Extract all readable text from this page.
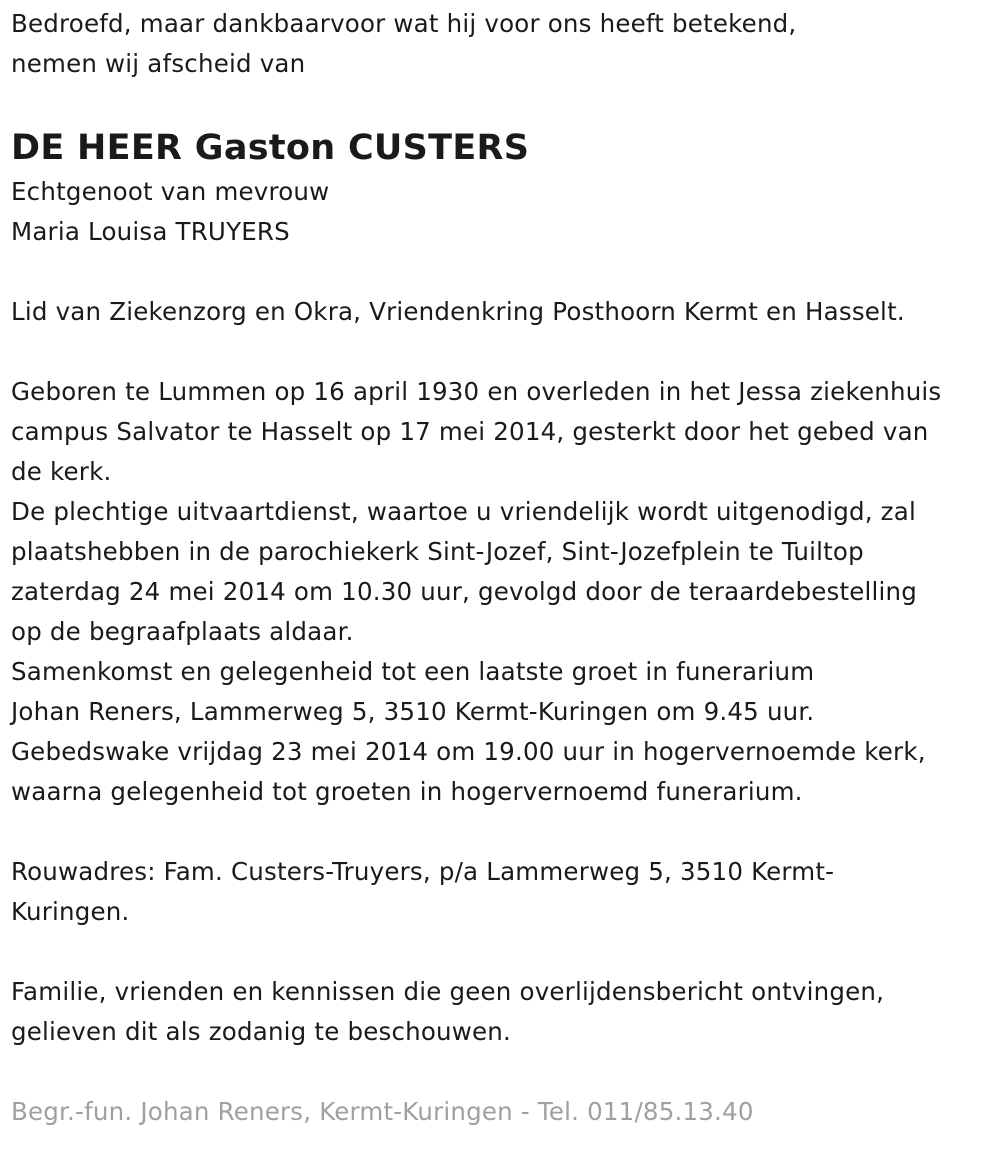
Bedroefd, maar dankbaarvoor wat hij voor ons heeft betekend,
nemen wij afscheid van
DE HEER Gaston CUSTERS
Echtgenoot van mevrouw
Maria Louisa TRUYERS
Lid van Ziekenzorg en Okra, Vriendenkring Posthoorn Kermt en Hasselt.
Geboren te Lummen op 16 april 1930 en overleden in het Jessa ziekenhuis
campus Salvator te Hasselt op 17 mei 2014, gesterkt door het gebed van
de kerk.
De plechtige uitvaartdienst, waartoe u vriendelijk wordt uitgenodigd, zal
plaatshebben in de parochiekerk Sint-Jozef, Sint-Jozefplein te Tuiltop
zaterdag 24 mei 2014 om 10.30 uur, gevolgd door de teraardebestelling
op de begraafplaats aldaar.
Samenkomst en gelegenheid tot een laatste groet in funerarium
Johan Reners, Lammerweg 5, 3510 Kermt-Kuringen om 9.45 uur.
Gebedswake vrijdag 23 mei 2014 om 19.00 uur in hogervernoemde kerk,
waarna gelegenheid tot groeten in hogervernoemd funerarium.
Rouwadres: Fam. Custers-Truyers, p/a Lammerweg 5, 3510 Kermt-
Kuringen.
Familie, vrienden en kennissen die geen overlijdensbericht ontvingen,
gelieven dit als zodanig te beschouwen.
Begr.-fun. Johan Reners, Kermt-Kuringen - Tel. 011/85.13.40
